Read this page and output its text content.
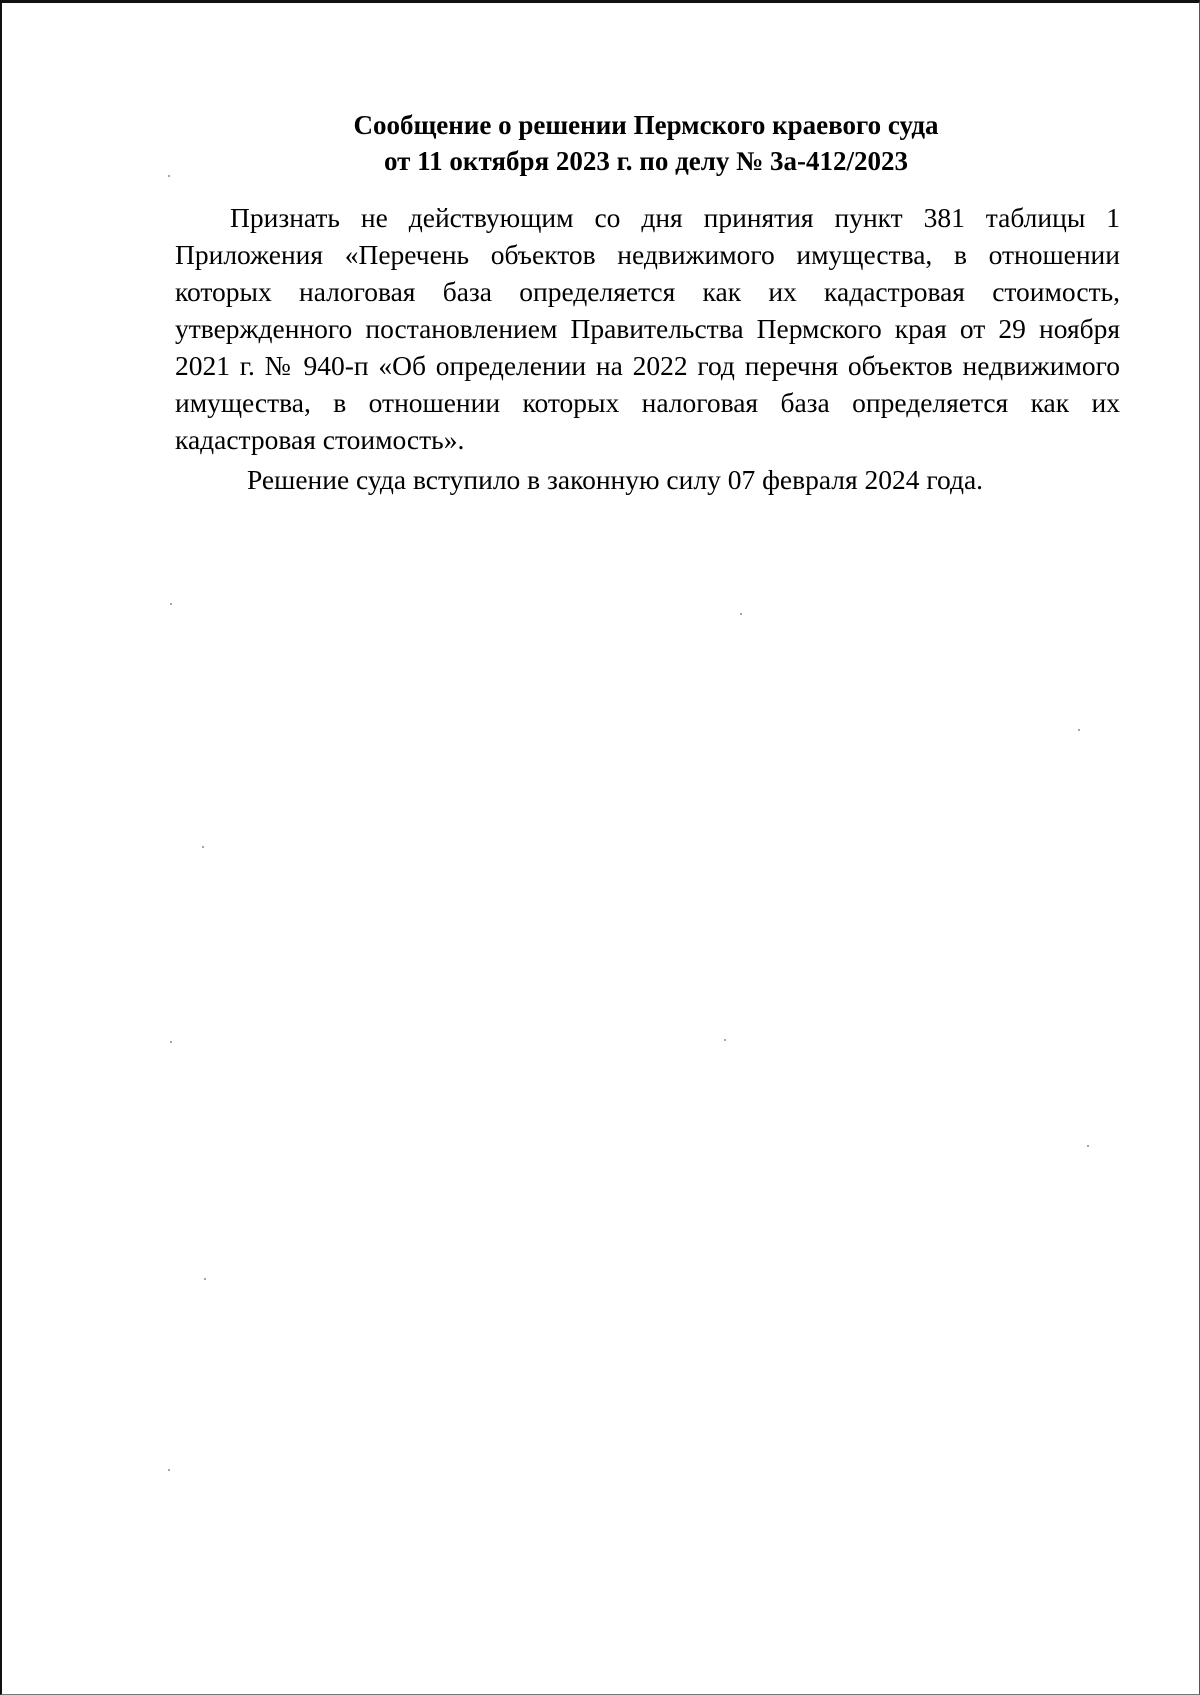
Сообщение о решении Пермского краевого суда
от 11 октября 2023 г. по делу № 3а-412/2023

Признать не действующим со дня принятия пункт 381 таблицы 1 Приложения «Перечень объектов недвижимого имущества, в отношении которых налоговая база определяется как их кадастровая стоимость, утвержденного постановлением Правительства Пермского края от 29 ноября 2021 г. № 940-п «Об определении на 2022 год перечня объектов недвижимого имущества, в отношении которых налоговая база определяется как их кадастровая стоимость».

Решение суда вступило в законную силу 07 февраля 2024 года.
